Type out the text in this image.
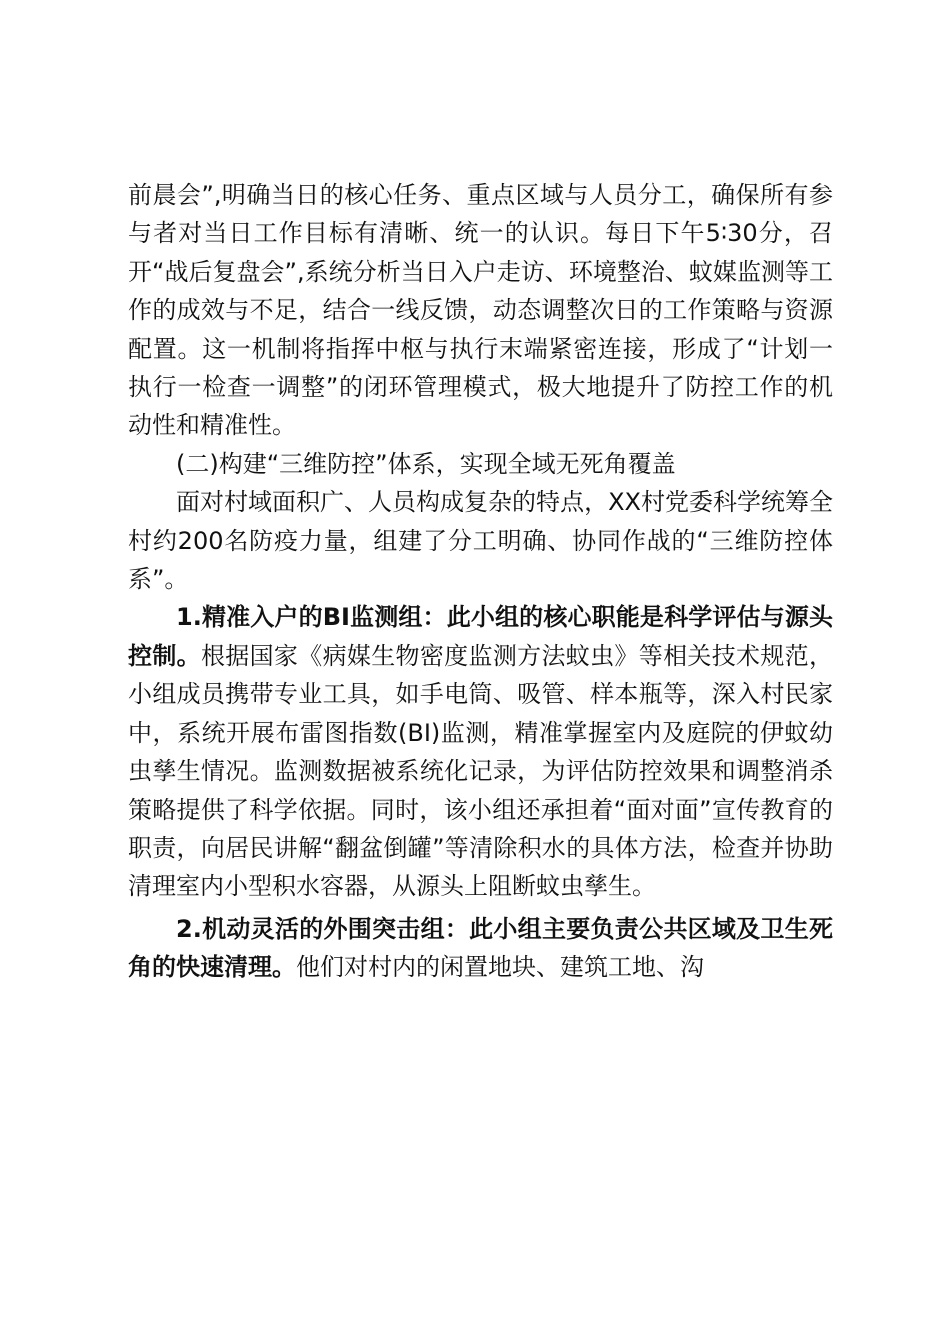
前晨会”,明确当日的核心任务、重点区域与人员分工，确保所有参与者对当日工作目标有清晰、统一的认识。每日下午5∶30分，召开“战后复盘会”,系统分析当日入户走访、环境整治、蚊媒监测等工作的成效与不足，结合一线反馈，动态调整次日的工作策略与资源配置。这一机制将指挥中枢与执行末端紧密连接，形成了“计划一执行一检查一调整”的闭环管理模式，极大地提升了防控工作的机动性和精准性。

(二)构建“三维防控”体系，实现全域无死角覆盖

面对村域面积广、人员构成复杂的特点，XX村党委科学统筹全村约200名防疫力量，组建了分工明确、协同作战的“三维防控体系”。

1.精准入户的BI监测组：此小组的核心职能是科学评估与源头控制。根据国家《病媒生物密度监测方法蚊虫》等相关技术规范，小组成员携带专业工具，如手电筒、吸管、样本瓶等，深入村民家中，系统开展布雷图指数(BI)监测，精准掌握室内及庭院的伊蚊幼虫孳生情况。监测数据被系统化记录，为评估防控效果和调整消杀策略提供了科学依据。同时，该小组还承担着“面对面”宣传教育的职责，向居民讲解“翻盆倒罐”等清除积水的具体方法，检查并协助清理室内小型积水容器，从源头上阻断蚊虫孳生。

2.机动灵活的外围突击组：此小组主要负责公共区域及卫生死角的快速清理。他们对村内的闲置地块、建筑工地、沟
